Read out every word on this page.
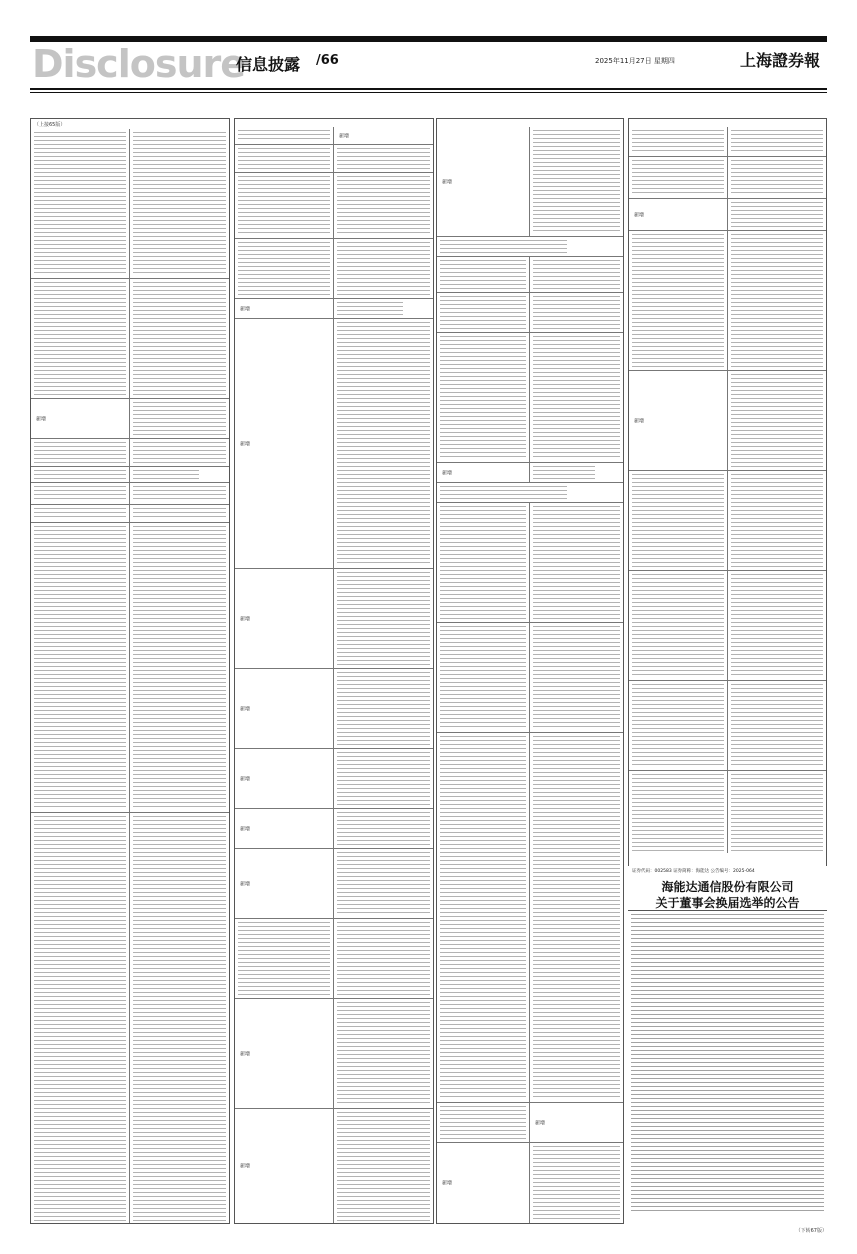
Disclosure
信息披露 /66	2025年11月27日 星期四	上海證券報
（上接65版）
新增
新增
新增
新增
新增
新增
新增
新增
新增
新增
新增
新增
新增
新增
新增
新增
新增
证券代码：002583 证券简称：海能达 公告编号：2025-064
海能达通信股份有限公司
关于董事会换届选举的公告
（下转67版）
